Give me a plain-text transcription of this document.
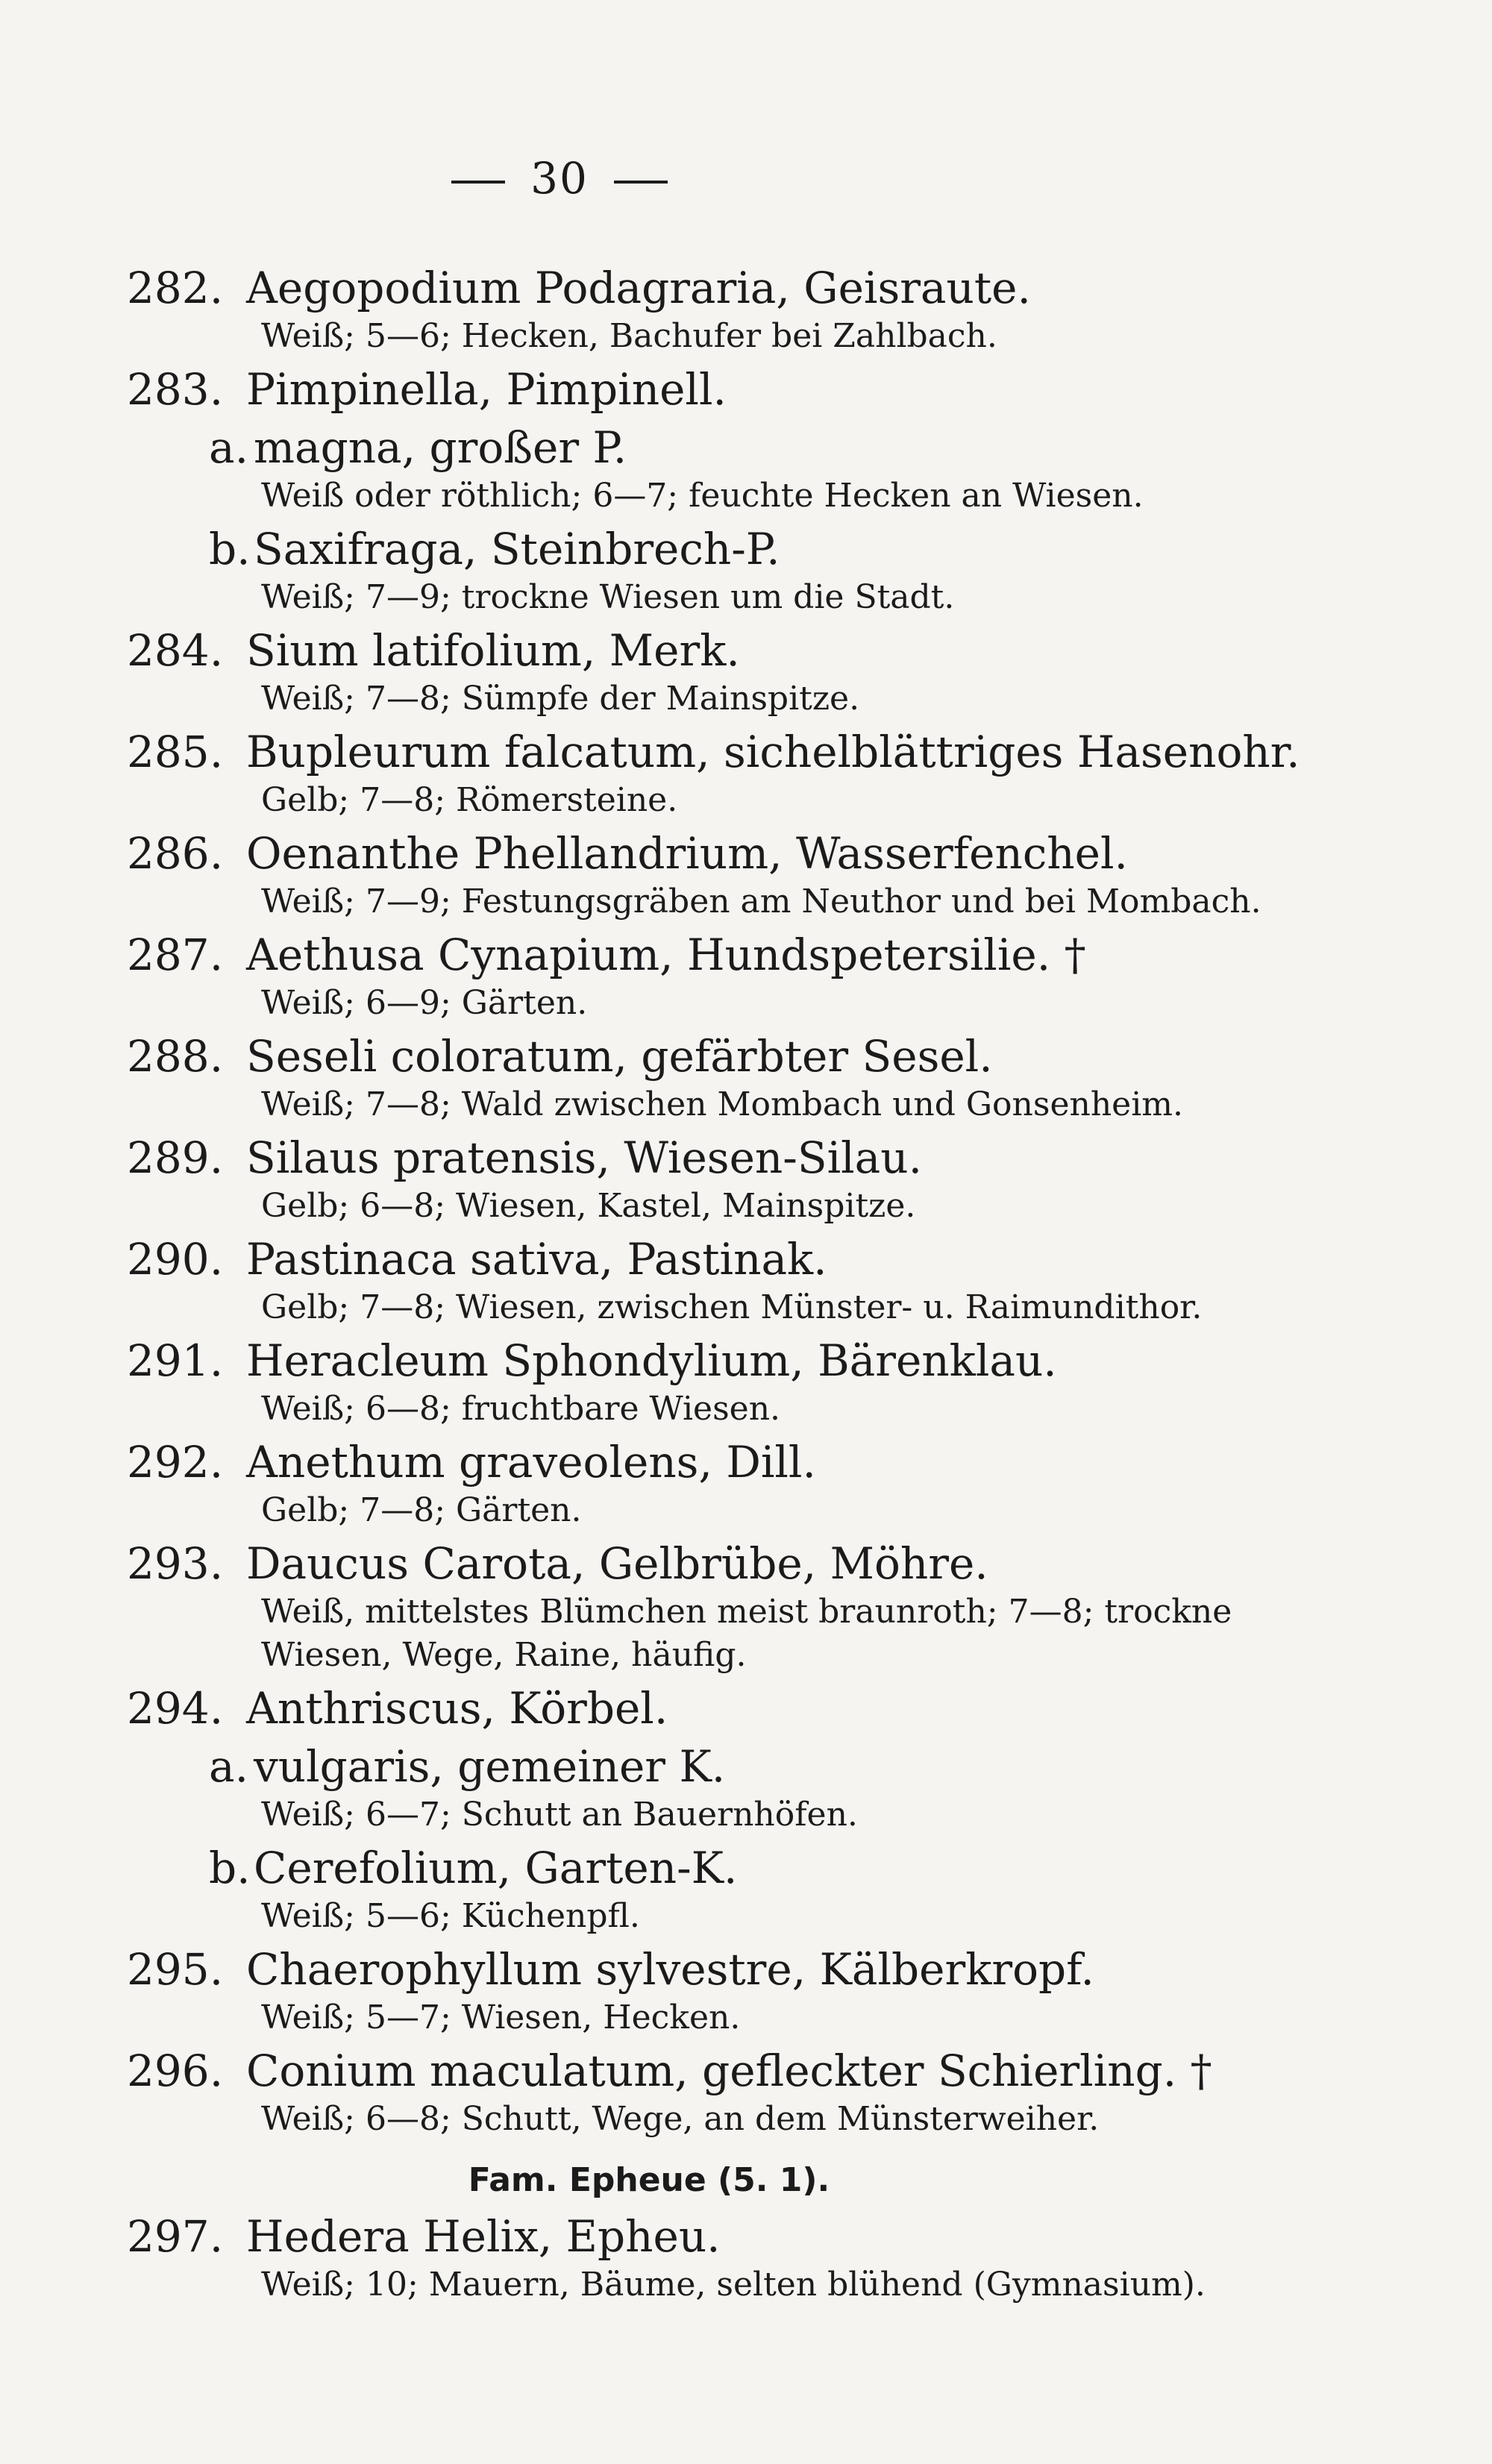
30
282. Aegopodium Podagraria, Geisraute.
Weiß; 5—6; Hecken, Bachufer bei Zahlbach.
283. Pimpinella, Pimpinell.
a. magna, großer P.
Weiß oder röthlich; 6—7; feuchte Hecken an Wiesen.
b.Saxifraga, Steinbrech-P.
Weiß; 7—9; trockne Wiesen um die Stadt.
284. Sium latifolium, Merk.
Weiß; 7—8; Sümpfe der Mainspitze.
285. Bupleurum falcatum, sichelblättriges Hasenohr.
Gelb; 7—8; Römersteine.
286. Oenanthe Phellandrium, Wasserfenchel.
Weiß; 7—9; Festungsgräben am Neuthor und bei Mombach.
287. Aethusa Cynapium, Hundspetersilie. †
Weiß; 6—9; Gärten.
288. Seseli coloratum, gefärbter Sesel.
Weiß; 7—8; Wald zwischen Mombach und Gonsenheim.
289. Silaus pratensis, Wiesen-Silau.
Gelb; 6—8; Wiesen, Kastel, Mainspitze.
290. Pastinaca sativa, Pastinak.
Gelb; 7—8; Wiesen, zwischen Münster- u. Raimundithor.
291. Heracleum Sphondylium, Bärenklau.
Weiß; 6—8; fruchtbare Wiesen.
292. Anethum graveolens, Dill.
Gelb; 7—8; Gärten.
293. Daucus Carota, Gelbrübe, Möhre.
Weiß, mittelstes Blümchen meist braunroth; 7—8; trockne Wiesen, Wege, Raine, häufig.
294. Anthriscus, Körbel.
a. vulgaris, gemeiner K.
Weiß; 6—7; Schutt an Bauernhöfen.
b.Cerefolium, Garten-K.
Weiß; 5—6; Küchenpfl.
295. Chaerophyllum sylvestre, Kälberkropf.
Weiß; 5—7; Wiesen, Hecken.
296. Conium maculatum, gefleckter Schierling. †
Weiß; 6—8; Schutt, Wege, an dem Münsterweiher.
Fam. Epheue (5. 1).
297. Hedera Helix, Epheu.
Weiß; 10; Mauern, Bäume, selten blühend (Gymnasium).
